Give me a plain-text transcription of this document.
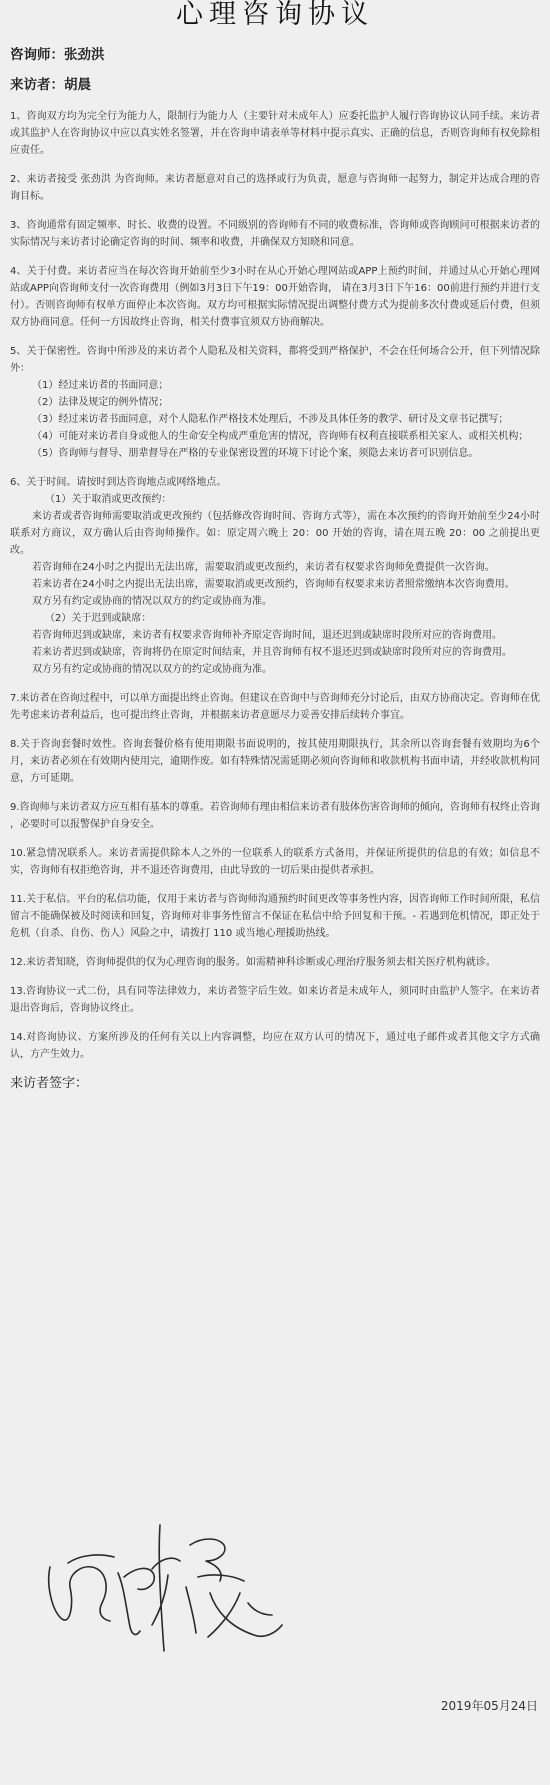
心理咨询协议
咨询师：张劲洪
来访者：胡晨

1、咨询双方均为完全行为能力人，限制行为能力人（主要针对未成年人）应委托监护人履行咨询协议认同手续。来访者或其监护人在咨询协议中应以真实姓名签署，并在咨询申请表单等材料中提示真实、正确的信息，否则咨询师有权免除相应责任。

2、来访者接受 张劲洪 为咨询师。来访者愿意对自己的选择或行为负责，愿意与咨询师一起努力，制定并达成合理的咨询目标。

3、咨询通常有固定频率、时长、收费的设置。不同级别的咨询师有不同的收费标准，咨询师或咨询顾问可根据来访者的实际情况与来访者讨论确定咨询的时间、频率和收费，并确保双方知晓和同意。

4、关于付费。来访者应当在每次咨询开始前至少3小时在从心开始心理网站或APP上预约时间，并通过从心开始心理网站或APP向咨询师支付一次咨询费用（例如3月3日下午19：00开始咨询， 请在3月3日下午16：00前进行预约并进行支付）。否则咨询师有权单方面停止本次咨询。双方均可根据实际情况提出调整付费方式为提前多次付费或延后付费，但须双方协商同意。任何一方因故终止咨询，相关付费事宜须双方协商解决。

5、关于保密性。咨询中所涉及的来访者个人隐私及相关资料，都将受到严格保护，不会在任何场合公开，但下列情况除外：

（1）经过来访者的书面同意；

（2）法律及规定的例外情况；

（3）经过来访者书面同意，对个人隐私作严格技术处理后，不涉及具体任务的教学、研讨及文章书记撰写；

（4）可能对来访者自身或他人的生命安全构成严重危害的情况，咨询师有权利直接联系相关家人、或相关机构；

（5）咨询师与督导、朋辈督导在严格的专业保密设置的环境下讨论个案，须隐去来访者可识别信息。

6、关于时间。请按时到达咨询地点或网络地点。

（1）关于取消或更改预约：

来访者或者咨询师需要取消或更改预约（包括修改咨询时间、咨询方式等），需在本次预约的咨询开始前至少24小时联系对方商议，双方确认后由咨询师操作。如：原定周六晚上 20：00 开始的咨询，请在周五晚 20：00 之前提出更改。

若咨询师在24小时之内提出无法出席，需要取消或更改预约，来访者有权要求咨询师免费提供一次咨询。

若来访者在24小时之内提出无法出席，需要取消或更改预约，咨询师有权要求来访者照常缴纳本次咨询费用。

双方另有约定或协商的情况以双方的约定或协商为准。

（2）关于迟到或缺席：

若咨询师迟到或缺席，来访者有权要求咨询师补齐原定咨询时间，退还迟到或缺席时段所对应的咨询费用。

若来访者迟到或缺席，咨询将仍在原定时间结束，并且咨询师有权不退还迟到或缺席时段所对应的咨询费用。

双方另有约定或协商的情况以双方的约定或协商为准。

7.来访者在咨询过程中，可以单方面提出终止咨询。但建议在咨询中与咨询师充分讨论后，由双方协商决定。咨询师在优先考虑来访者利益后，也可提出终止咨询，并根据来访者意愿尽力妥善安排后续转介事宜。

8.关于咨询套餐时效性。咨询套餐价格有使用期限书面说明的，按其使用期限执行，其余所以咨询套餐有效期均为6个月，来访者必须在有效期内使用完，逾期作废。如有特殊情况需延期必须向咨询师和收款机构书面申请，并经收款机构同意，方可延期。

9.咨询师与来访者双方应互相有基本的尊重。若咨询师有理由相信来访者有肢体伤害咨询师的倾向，咨询师有权终止咨询 ，必要时可以报警保护自身安全。

10.紧急情况联系人。来访者需提供除本人之外的一位联系人的联系方式备用，并保证所提供的信息的有效；如信息不实，咨询师有权拒绝咨询，并不退还咨询费用，由此导致的一切后果由提供者承担。

11.关于私信。平台的私信功能，仅用于来访者与咨询师沟通预约时间更改等事务性内容，因咨询师工作时间所限，私信留言不能确保被及时阅读和回复，咨询师对非事务性留言不保证在私信中给予回复和干预。- 若遇到危机情况，即正处于危机（自杀、自伤、伤人）风险之中，请拨打 110 或当地心理援助热线。

12.来访者知晓，咨询师提供的仅为心理咨询的服务。如需精神科诊断或心理治疗服务须去相关医疗机构就诊。

13.咨询协议一式二份，具有同等法律效力，来访者签字后生效。如来访者是未成年人，须同时由监护人签字。在来访者退出咨询后，咨询协议终止。

14.对咨询协议、方案所涉及的任何有关以上内容调整，均应在双方认可的情况下，通过电子邮件或者其他文字方式确认，方产生效力。

来访者签字：
2019年05月24日
